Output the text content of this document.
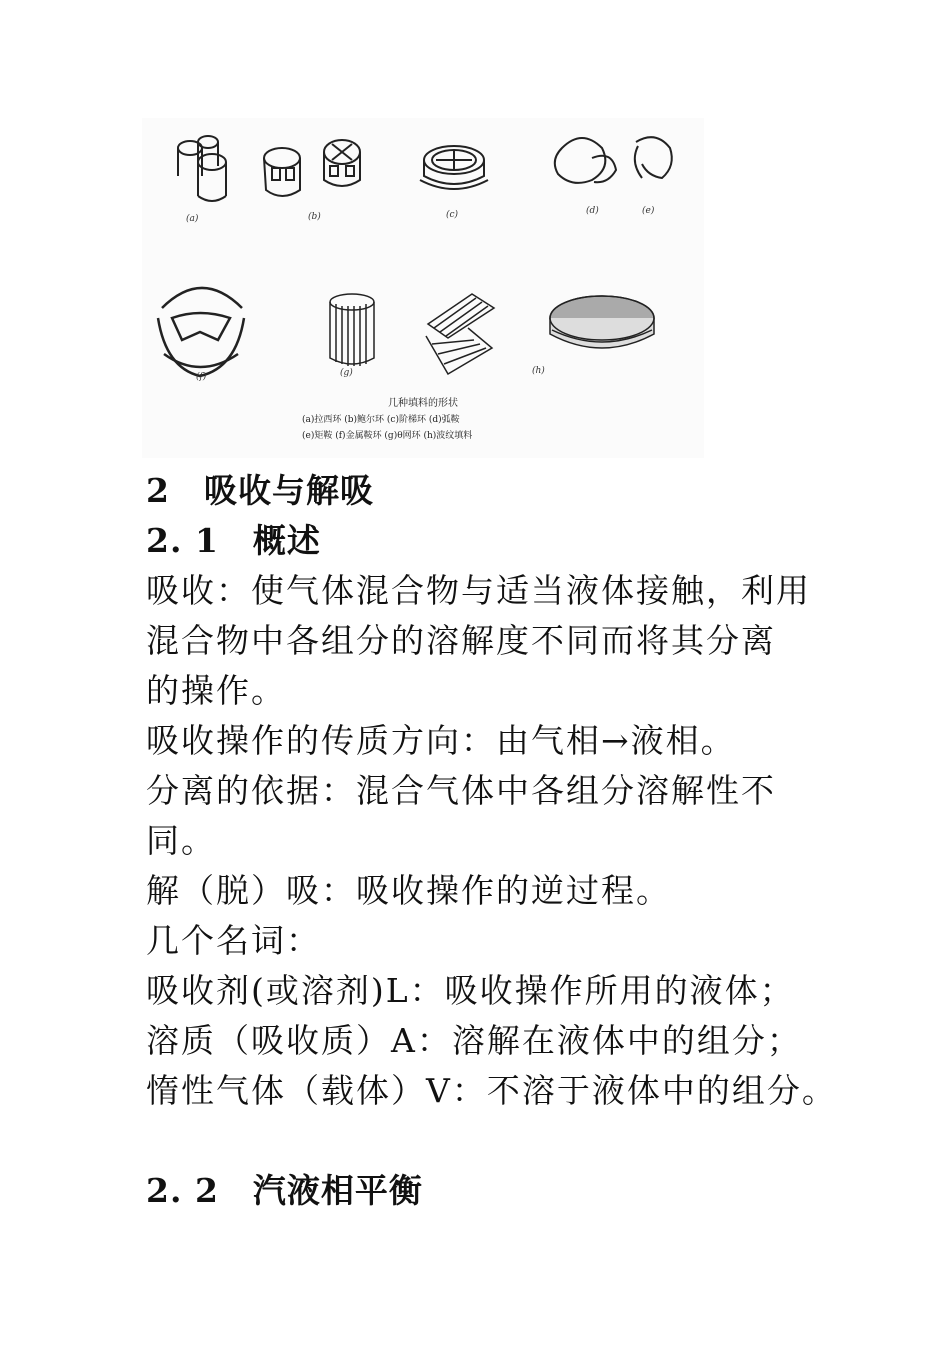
(a)	(b)	(c)	(d)	(e)
(f)	(g)	(h)
几种填料的形状
(a)拉西环 (b)鲍尔环 (c)阶梯环 (d)弧鞍
(e)矩鞍 (f)金属鞍环 (g)θ网环 (h)波纹填料
2　吸收与解吸
2. 1　概述
吸收：使气体混合物与适当液体接触，利用
混合物中各组分的溶解度不同而将其分离
的操作。
吸收操作的传质方向：由气相→液相。
分离的依据：混合气体中各组分溶解性不
同。
解（脱）吸：吸收操作的逆过程。
几个名词：
吸收剂(或溶剂)L：吸收操作所用的液体；
溶质（吸收质）A：溶解在液体中的组分；
惰性气体（载体）V：不溶于液体中的组分。
2. 2　汽液相平衡
